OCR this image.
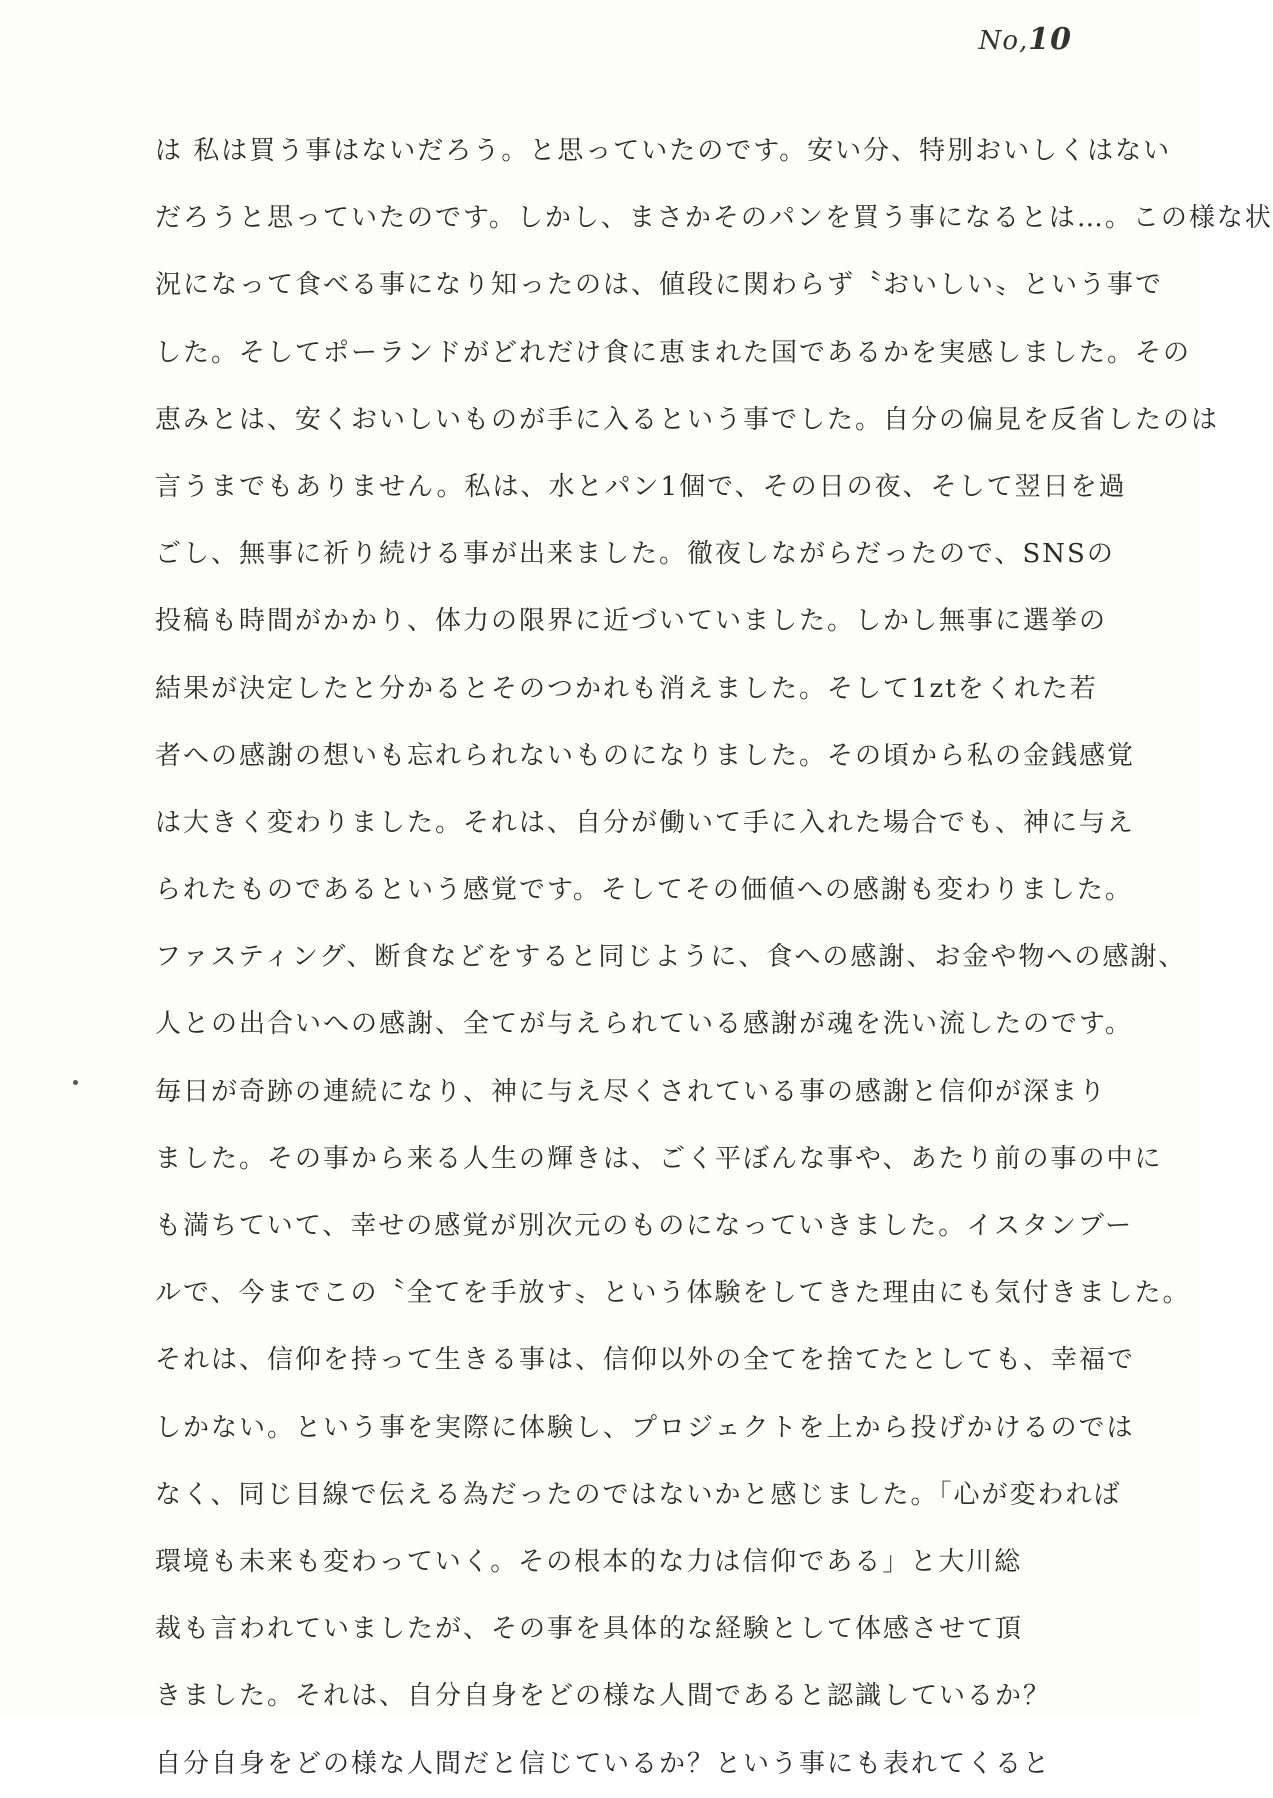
No,10
は 私は買う事はないだろう。と思っていたのです。安い分、特別おいしくはない
だろうと思っていたのです。しかし、まさかそのパンを買う事になるとは…。この様な状
況になって食べる事になり知ったのは、値段に関わらず〝おいしい〟という事で
した。そしてポーランドがどれだけ食に恵まれた国であるかを実感しました。その
恵みとは、安くおいしいものが手に入るという事でした。自分の偏見を反省したのは
言うまでもありません。私は、水とパン1個で、その日の夜、そして翌日を過
ごし、無事に祈り続ける事が出来ました。徹夜しながらだったので、SNSの
投稿も時間がかかり、体力の限界に近づいていました。しかし無事に選挙の
結果が決定したと分かるとそのつかれも消えました。そして1ztをくれた若
者への感謝の想いも忘れられないものになりました。その頃から私の金銭感覚
は大きく変わりました。それは、自分が働いて手に入れた場合でも、神に与え
られたものであるという感覚です。そしてその価値への感謝も変わりました。
ファスティング、断食などをすると同じように、食への感謝、お金や物への感謝、
人との出合いへの感謝、全てが与えられている感謝が魂を洗い流したのです。
毎日が奇跡の連続になり、神に与え尽くされている事の感謝と信仰が深まり
ました。その事から来る人生の輝きは、ごく平ぼんな事や、あたり前の事の中に
も満ちていて、幸せの感覚が別次元のものになっていきました。イスタンブー
ルで、今までこの〝全てを手放す〟という体験をしてきた理由にも気付きました。
それは、信仰を持って生きる事は、信仰以外の全てを捨てたとしても、幸福で
しかない。という事を実際に体験し、プロジェクトを上から投げかけるのでは
なく、同じ目線で伝える為だったのではないかと感じました。「心が変われば
環境も未来も変わっていく。その根本的な力は信仰である」と大川総
裁も言われていましたが、その事を具体的な経験として体感させて頂
きました。それは、自分自身をどの様な人間であると認識しているか？
自分自身をどの様な人間だと信じているか？という事にも表れてくると
